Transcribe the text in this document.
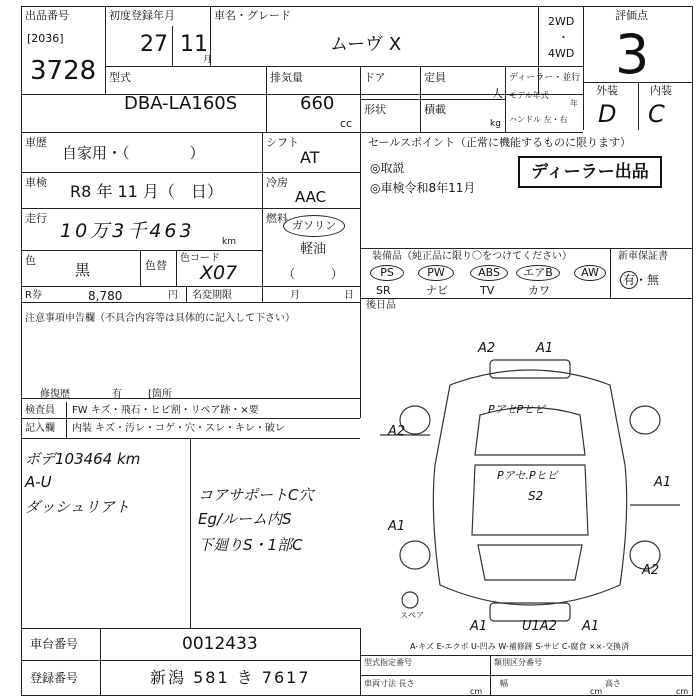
出品番号
[2036]
3728
初度登録年月
27 11
月
車名・グレード
ムーヴ X
2WD
・
4WD
評価点
3
外装	内装
D C
型式
DBA-LA160S
排気量
660
cc
ドア	定員
人
形状	積載
kg
ディーラー・並行
モデル年式
年
ハンドル 左・右
車歴
自家用・（　　　　）
シフト
AT
車検 R8 年 11 月（　日）	冷房
AAC
走行
10万3千463	km
燃料
ガソリン
軽油
（　　　）
色
黒	色替
色コード
X07
R券	8,780	円 名変期限	月	日
注意事項申告欄（不具合内容等は具体的に記入して下さい）
修復歴	有	[箇所
検査員
記入欄
FW キズ・飛石・ヒビ割・リペア跡・×要
内装 キズ・汚レ・コゲ・穴・スレ・キレ・破レ
ボデ103464 km
A-U
ダッシュリアト
コアサポートC穴
Eg/ルーム内S
下廻りS・1部C
セールスポイント（正常に機能するものに限ります）
◎取説
◎車検令和8年11月
ディーラー出品
装備品（純正品に限り〇をつけてください）	新車保証書
有・無
PS	PW	ABS	エアB	AW
SR	ナビ	TV	カワ
後日品
A2	A1
A2
A1
A1
A2
A1	U1A2 A1
PアセPヒビ
Pアセ.Pヒビ
S2
スペア
A-キズ E-エクボ U-凹み W-補修跡 S-サビ C-腐食 ××-交換済
車台番号	0012433
登録番号	新潟 581 き 7617
型式指定番号	類別区分番号
車両寸法 長さ
cm
幅
cm
高さ
cm
